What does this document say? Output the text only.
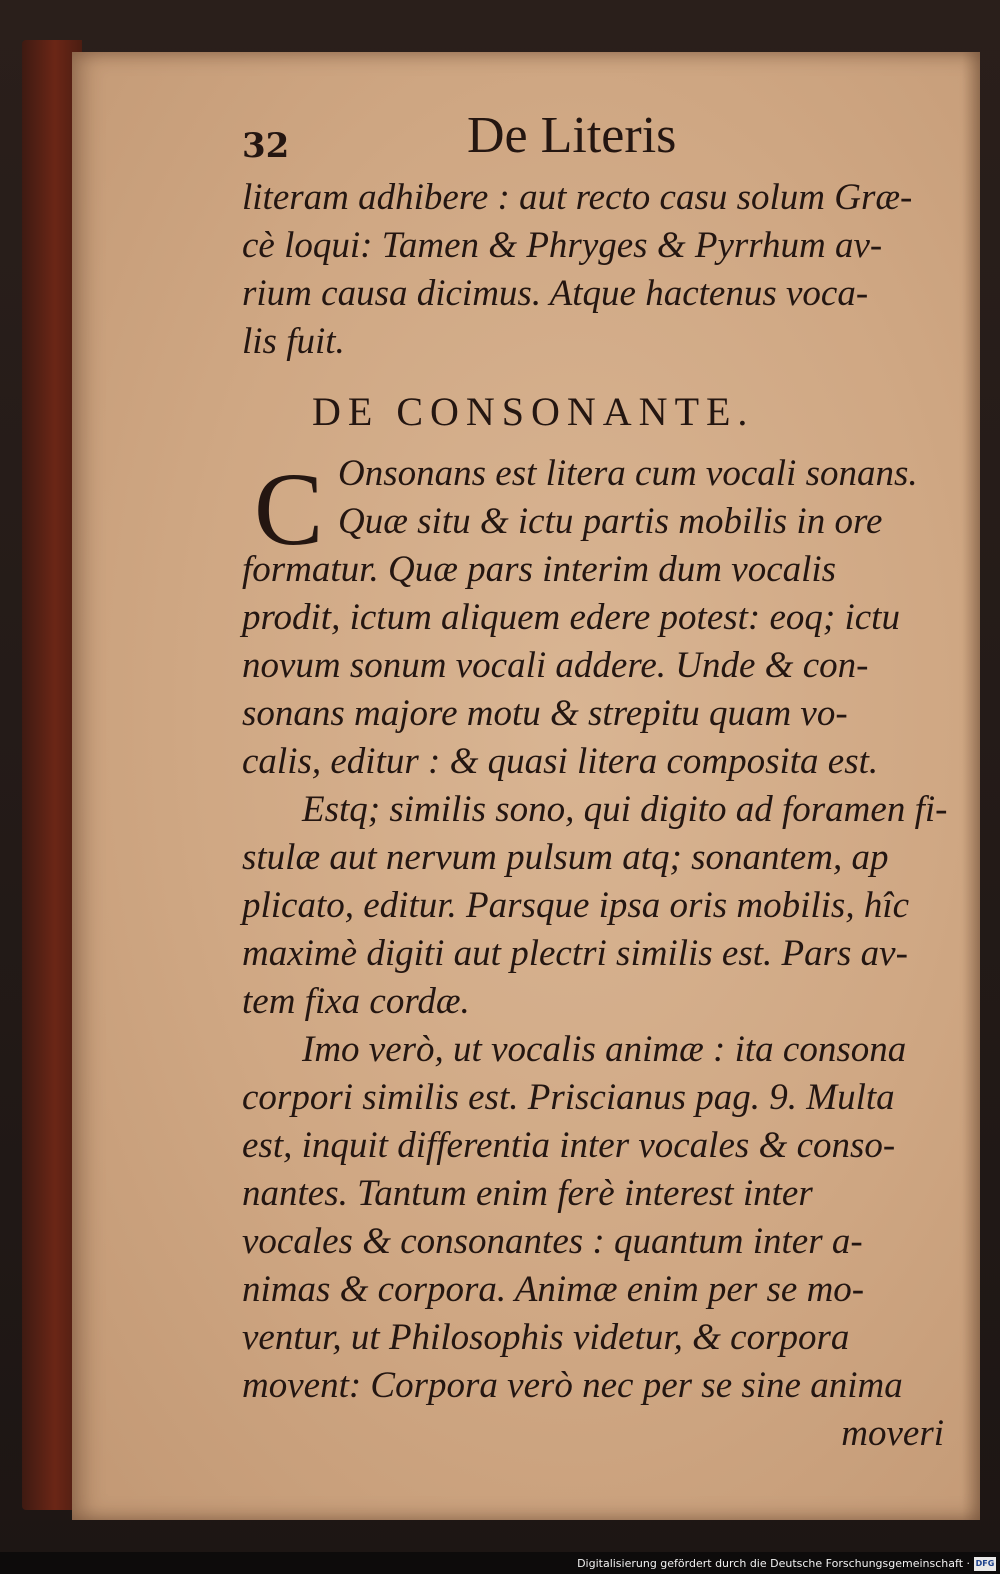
32	De Literis
literam adhibere : aut recto casu solum Græ-
cè loqui: Tamen & Phryges & Pyrrhum av-
rium causa dicimus. Atque hactenus voca-
lis fuit.
DE CONSONANTE.
C Onsonans est litera cum vocali sonans.
Quæ situ & ictu partis mobilis in ore
formatur. Quæ pars interim dum vocalis
prodit, ictum aliquem edere potest: eoq; ictu
novum sonum vocali addere. Unde & con-
sonans majore motu & strepitu quam vo-
calis, editur : & quasi litera composita est.
Estq; similis sono, qui digito ad foramen fi-
stulæ aut nervum pulsum atq; sonantem, ap
plicato, editur. Parsque ipsa oris mobilis, hîc
maximè digiti aut plectri similis est. Pars av-
tem fixa cordæ.
Imo verò, ut vocalis animæ : ita consona
corpori similis est. Priscianus pag. 9. Multa
est, inquit differentia inter vocales & conso-
nantes. Tantum enim ferè interest inter
vocales & consonantes : quantum inter a-
nimas & corpora. Animæ enim per se mo-
ventur, ut Philosophis videtur, & corpora
movent: Corpora verò nec per se sine anima
moveri
Digitalisierung gefördert durch die Deutsche Forschungsgemeinschaft · DFG
